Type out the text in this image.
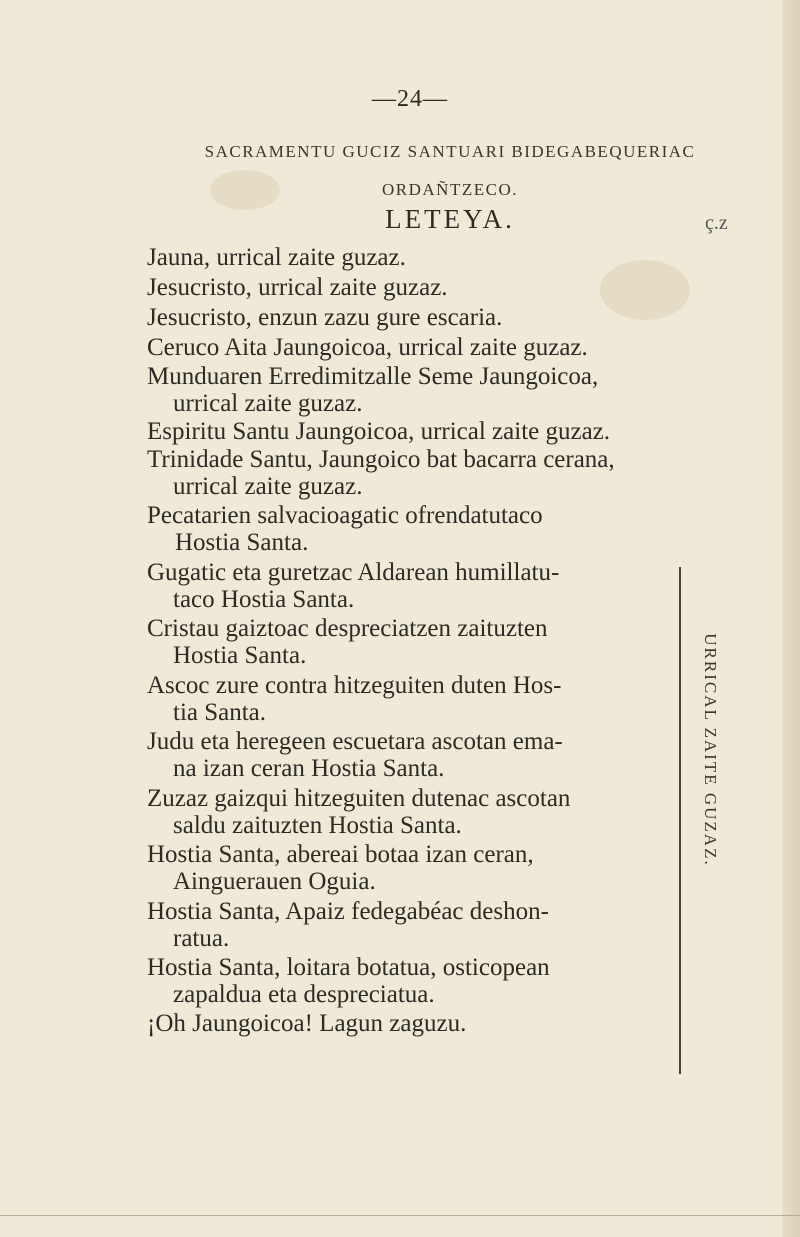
—24—
SACRAMENTU GUCIZ SANTUARI BIDEGABEQUERIAC ORDAÑTZECO.
LETEYA.	ç.z
Jauna, urrical zaite guzaz.
Jesucristo, urrical zaite guzaz.
Jesucristo, enzun zazu gure escaria.
Ceruco Aita Jaungoicoa, urrical zaite guzaz.
Munduaren Erredimitzalle Seme Jaungoicoa,
urrical zaite guzaz.
Espiritu Santu Jaungoicoa, urrical zaite guzaz.
Trinidade Santu, Jaungoico bat bacarra cerana,
urrical zaite guzaz.
Pecatarien salvacioagatic ofrendatutaco
Hostia Santa.
Gugatic eta guretzac Aldarean humillatu-
taco Hostia Santa.
Cristau gaiztoac despreciatzen zaituzten
Hostia Santa.
Ascoc zure contra hitzeguiten duten Hos-
tia Santa.
Judu eta heregeen escuetara ascotan ema-
na izan ceran Hostia Santa.
Zuzaz gaizqui hitzeguiten dutenac ascotan
saldu zaituzten Hostia Santa.
Hostia Santa, abereai botaa izan ceran,
Ainguerauen Oguia.
Hostia Santa, Apaiz fedegabéac deshon-
ratua.
Hostia Santa, loitara botatua, osticopean
zapaldua eta despreciatua.
¡Oh Jaungoicoa! Lagun zaguzu.
URRICAL ZAITE GUZAZ.
